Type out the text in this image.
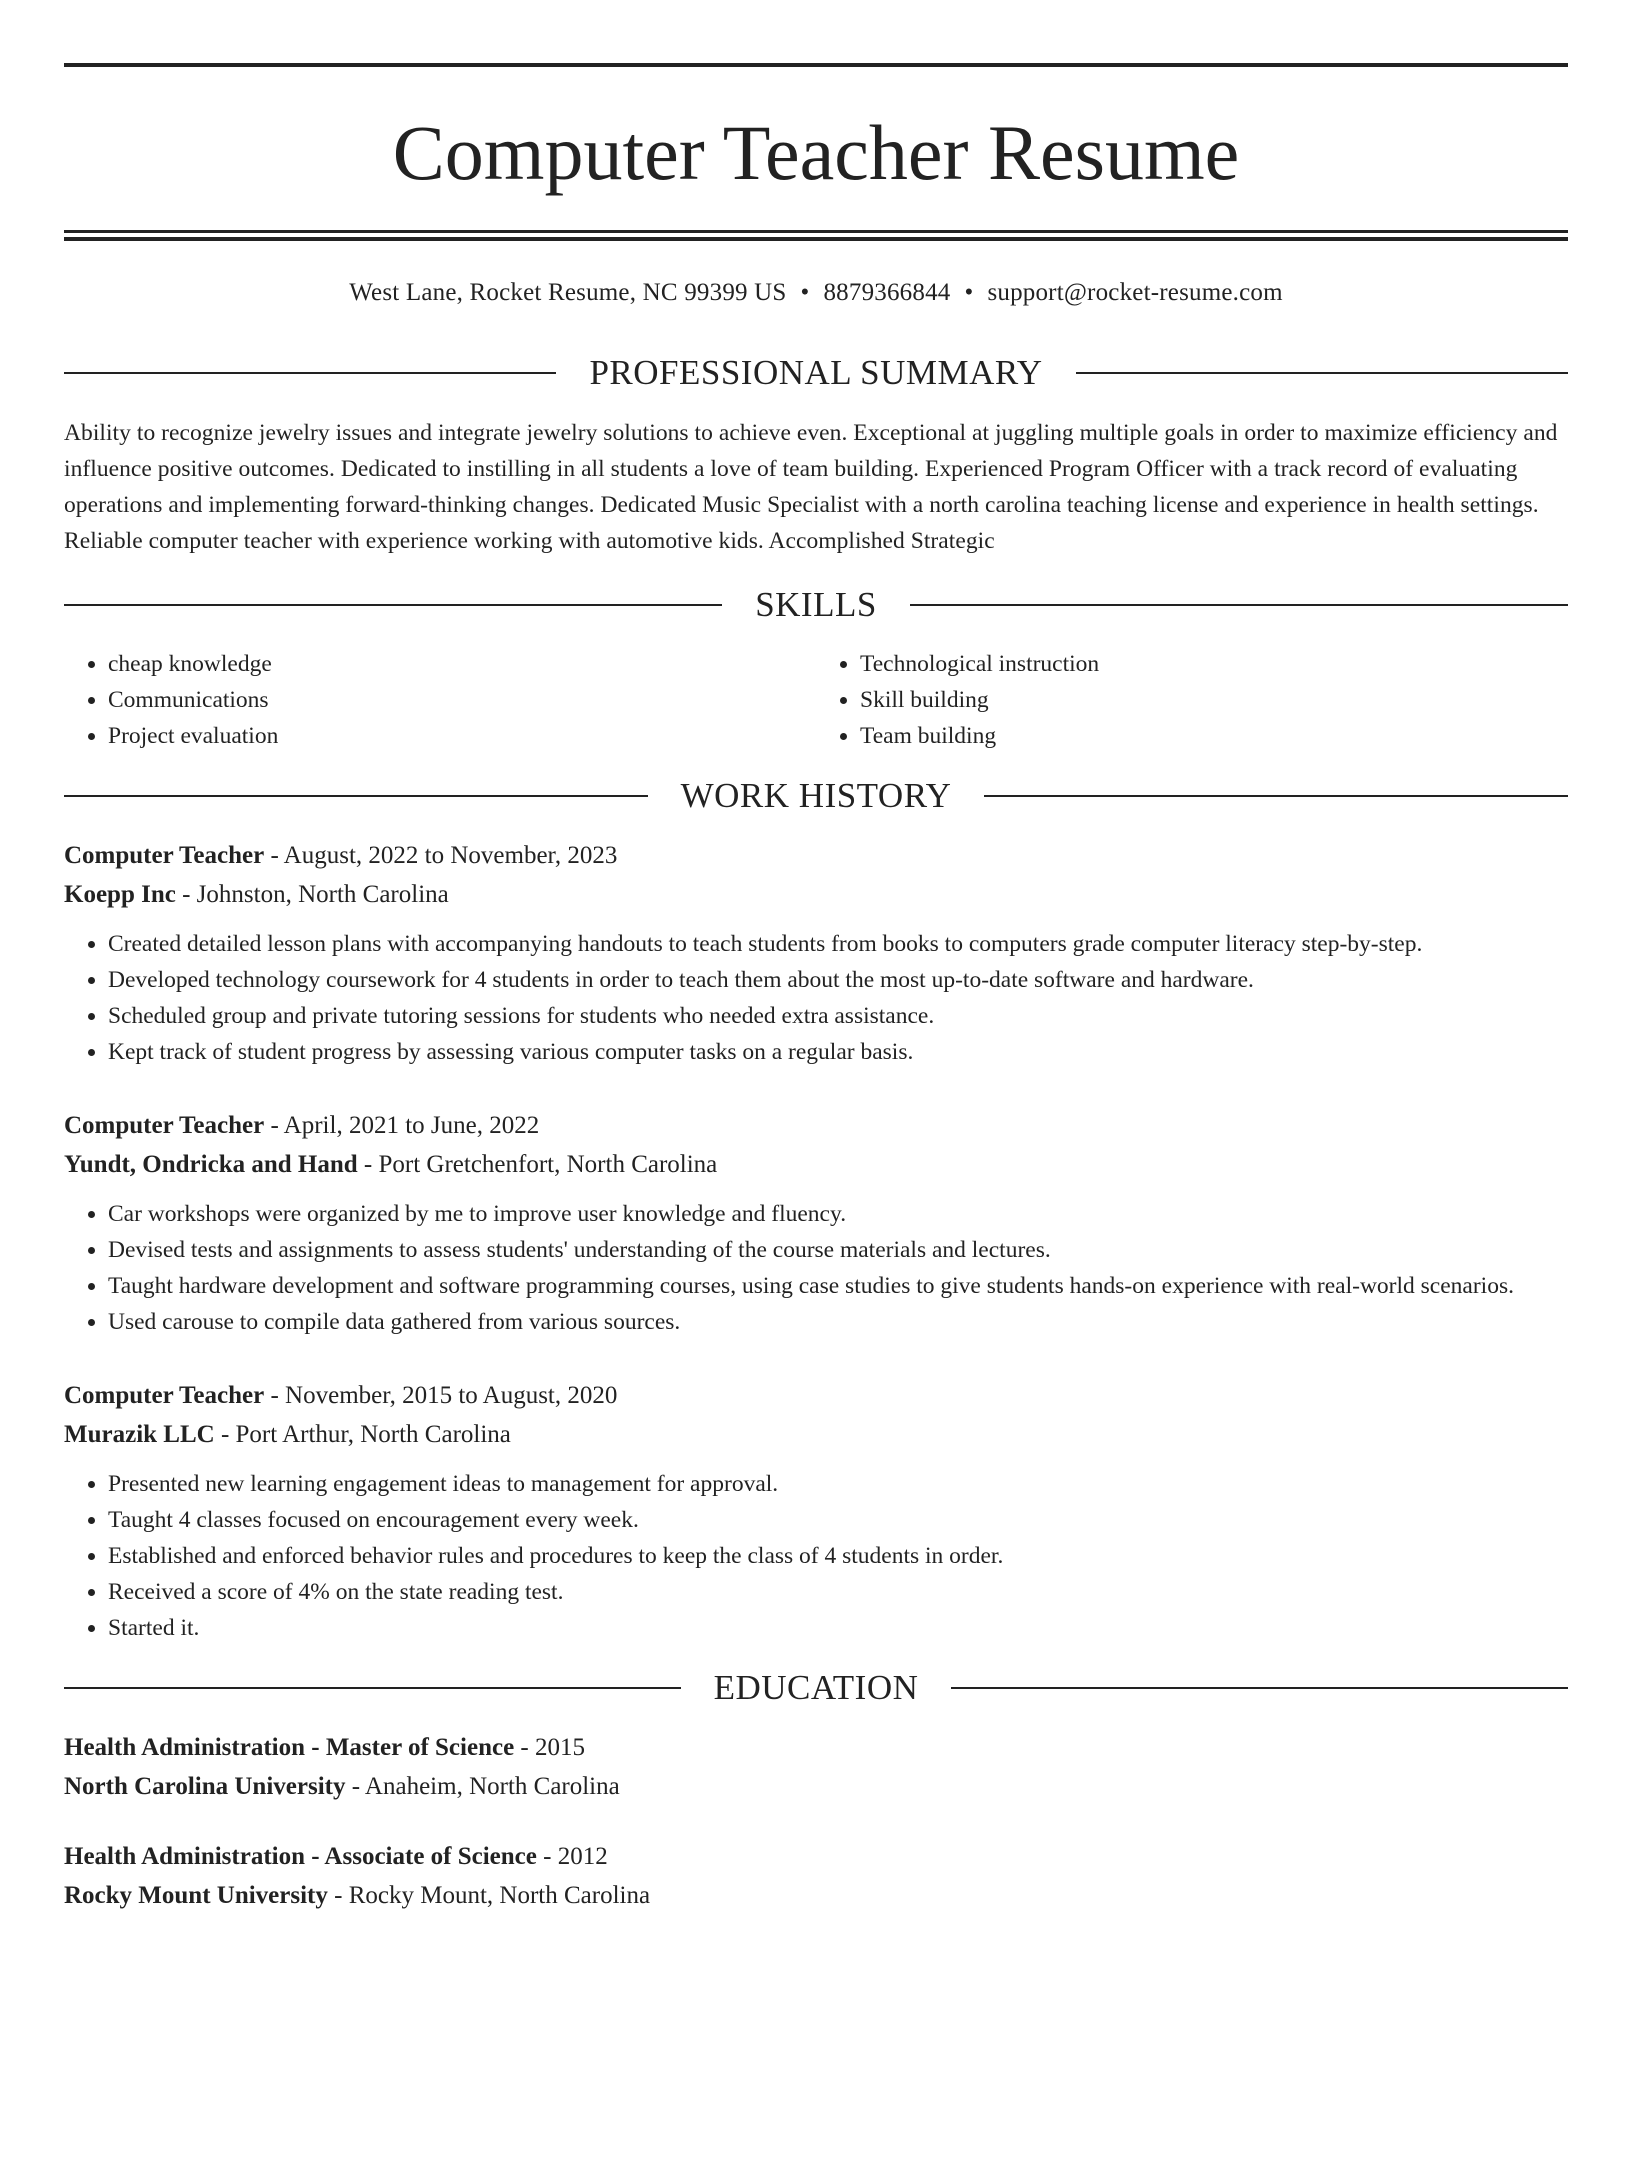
Computer Teacher Resume
West Lane, Rocket Resume, NC 99399 US • 8879366844 • support@rocket-resume.com
PROFESSIONAL SUMMARY
Ability to recognize jewelry issues and integrate jewelry solutions to achieve even. Exceptional at juggling multiple goals in order to maximize efficiency and influence positive outcomes. Dedicated to instilling in all students a love of team building. Experienced Program Officer with a track record of evaluating operations and implementing forward-thinking changes. Dedicated Music Specialist with a north carolina teaching license and experience in health settings. Reliable computer teacher with experience working with automotive kids. Accomplished Strategic
SKILLS
• cheap knowledge
• Communications
• Project evaluation
• Technological instruction
• Skill building
• Team building
WORK HISTORY
Computer Teacher - August, 2022 to November, 2023
Koepp Inc - Johnston, North Carolina
• Created detailed lesson plans with accompanying handouts to teach students from books to computers grade computer literacy step-by-step.
• Developed technology coursework for 4 students in order to teach them about the most up-to-date software and hardware.
• Scheduled group and private tutoring sessions for students who needed extra assistance.
• Kept track of student progress by assessing various computer tasks on a regular basis.
Computer Teacher - April, 2021 to June, 2022
Yundt, Ondricka and Hand - Port Gretchenfort, North Carolina
• Car workshops were organized by me to improve user knowledge and fluency.
• Devised tests and assignments to assess students' understanding of the course materials and lectures.
• Taught hardware development and software programming courses, using case studies to give students hands-on experience with real-world scenarios.
• Used carouse to compile data gathered from various sources.
Computer Teacher - November, 2015 to August, 2020
Murazik LLC - Port Arthur, North Carolina
• Presented new learning engagement ideas to management for approval.
• Taught 4 classes focused on encouragement every week.
• Established and enforced behavior rules and procedures to keep the class of 4 students in order.
• Received a score of 4% on the state reading test.
• Started it.
EDUCATION
Health Administration - Master of Science - 2015
North Carolina University - Anaheim, North Carolina
Health Administration - Associate of Science - 2012
Rocky Mount University - Rocky Mount, North Carolina
